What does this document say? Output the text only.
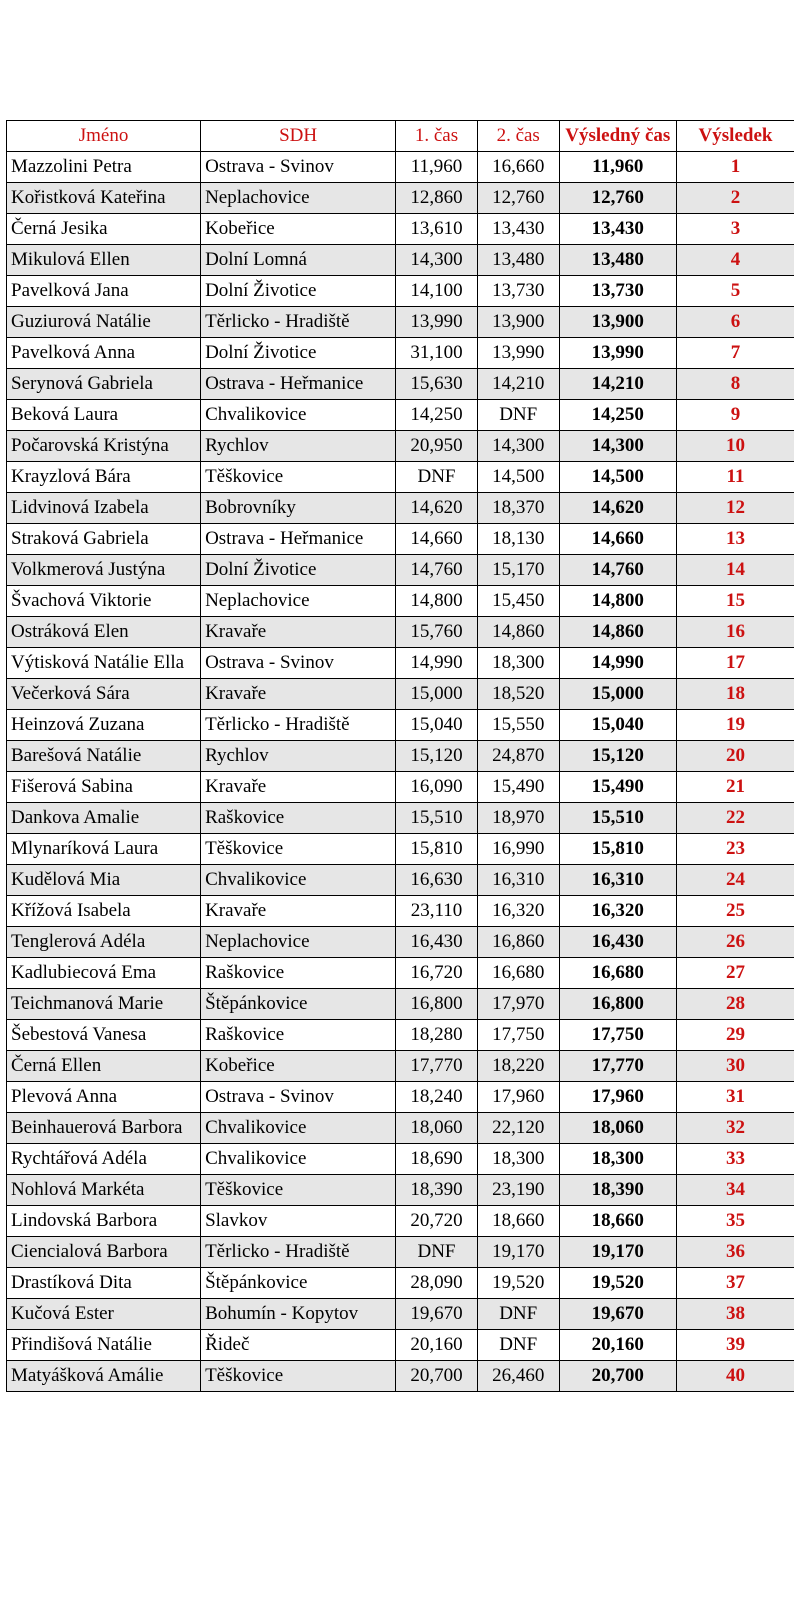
Jméno	SDH	1. čas	2. čas	Výsledný čas	Výsledek
Mazzolini Petra	Ostrava - Svinov	11,960	16,660	11,960	1
Kořistková Kateřina	Neplachovice	12,860	12,760	12,760	2
Černá Jesika	Kobeřice	13,610	13,430	13,430	3
Mikulová Ellen	Dolní Lomná	14,300	13,480	13,480	4
Pavelková Jana	Dolní Životice	14,100	13,730	13,730	5
Guziurová Natálie	Těrlicko - Hradiště	13,990	13,900	13,900	6
Pavelková Anna	Dolní Životice	31,100	13,990	13,990	7
Serynová Gabriela	Ostrava - Heřmanice	15,630	14,210	14,210	8
Beková Laura	Chvalikovice	14,250	DNF	14,250	9
Počarovská Kristýna	Rychlov	20,950	14,300	14,300	10
Krayzlová Bára	Těškovice	DNF	14,500	14,500	11
Lidvinová Izabela	Bobrovníky	14,620	18,370	14,620	12
Straková Gabriela	Ostrava - Heřmanice	14,660	18,130	14,660	13
Volkmerová Justýna	Dolní Životice	14,760	15,170	14,760	14
Švachová Viktorie	Neplachovice	14,800	15,450	14,800	15
Ostráková Elen	Kravaře	15,760	14,860	14,860	16
Výtisková Natálie Ella	Ostrava - Svinov	14,990	18,300	14,990	17
Večerková Sára	Kravaře	15,000	18,520	15,000	18
Heinzová Zuzana	Těrlicko - Hradiště	15,040	15,550	15,040	19
Barešová Natálie	Rychlov	15,120	24,870	15,120	20
Fišerová Sabina	Kravaře	16,090	15,490	15,490	21
Dankova Amalie	Raškovice	15,510	18,970	15,510	22
Mlynaríková Laura	Těškovice	15,810	16,990	15,810	23
Kudělová Mia	Chvalikovice	16,630	16,310	16,310	24
Křížová Isabela	Kravaře	23,110	16,320	16,320	25
Tenglerová Adéla	Neplachovice	16,430	16,860	16,430	26
Kadlubiecová Ema	Raškovice	16,720	16,680	16,680	27
Teichmanová Marie	Štěpánkovice	16,800	17,970	16,800	28
Šebestová Vanesa	Raškovice	18,280	17,750	17,750	29
Černá Ellen	Kobeřice	17,770	18,220	17,770	30
Plevová Anna	Ostrava - Svinov	18,240	17,960	17,960	31
Beinhauerová Barbora	Chvalikovice	18,060	22,120	18,060	32
Rychtářová Adéla	Chvalikovice	18,690	18,300	18,300	33
Nohlová Markéta	Těškovice	18,390	23,190	18,390	34
Lindovská Barbora	Slavkov	20,720	18,660	18,660	35
Ciencialová Barbora	Těrlicko - Hradiště	DNF	19,170	19,170	36
Drastíková Dita	Štěpánkovice	28,090	19,520	19,520	37
Kučová Ester	Bohumín - Kopytov	19,670	DNF	19,670	38
Přindišová Natálie	Řideč	20,160	DNF	20,160	39
Matyášková Amálie	Těškovice	20,700	26,460	20,700	40
